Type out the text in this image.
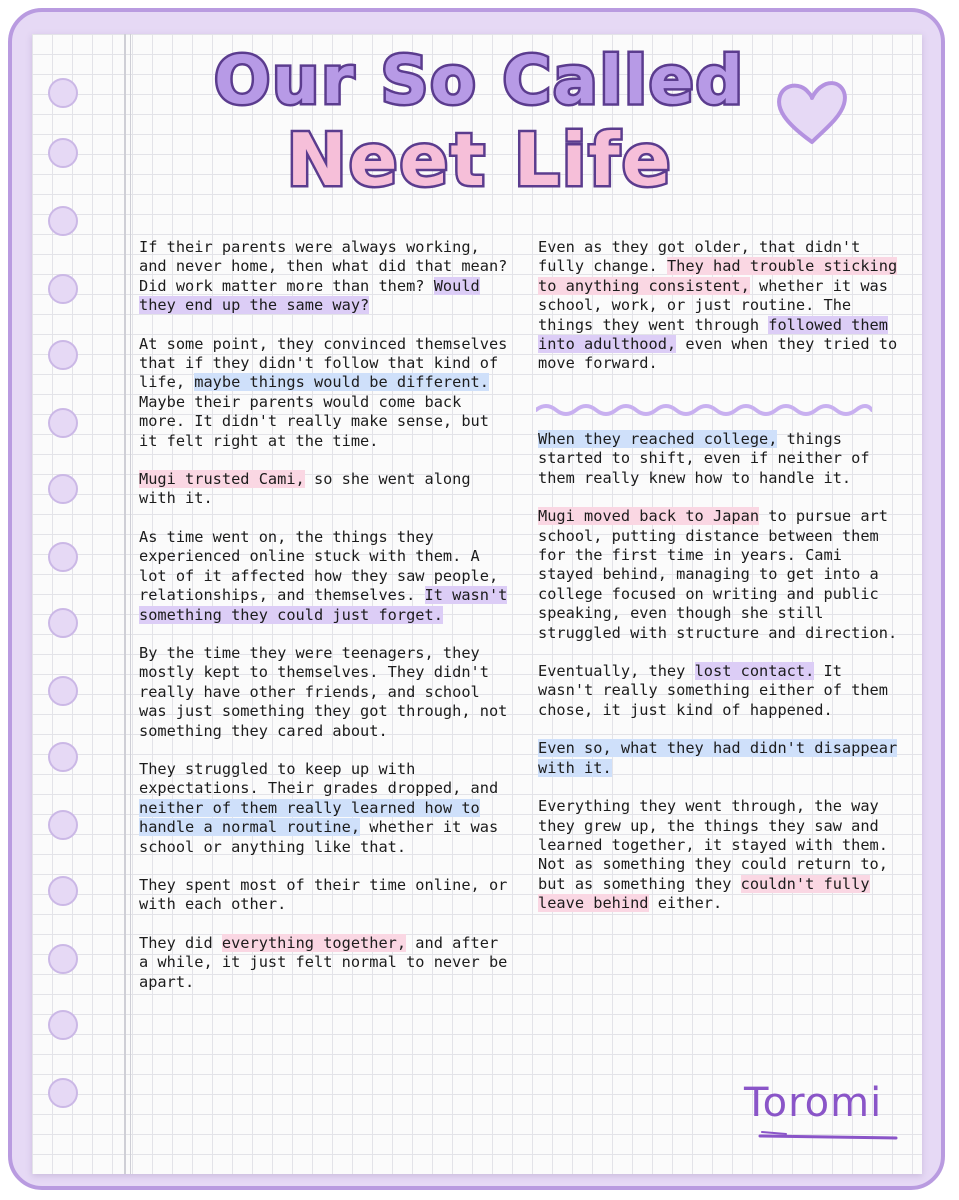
Our So Called
Neet Life

If their parents were always working, and never home, then what did that mean? Did work matter more than them? Would they end up the same way?

At some point, they convinced themselves that if they didn't follow that kind of life, maybe things would be different. Maybe their parents would come back more. It didn't really make sense, but it felt right at the time.

Mugi trusted Cami, so she went along with it.

As time went on, the things they experienced online stuck with them. A lot of it affected how they saw people, relationships, and themselves. It wasn't something they could just forget.

By the time they were teenagers, they mostly kept to themselves. They didn't really have other friends, and school was just something they got through, not something they cared about.

They struggled to keep up with expectations. Their grades dropped, and neither of them really learned how to handle a normal routine, whether it was school or anything like that.

They spent most of their time online, or with each other.

They did everything together, and after a while, it just felt normal to never be apart.

Even as they got older, that didn't fully change. They had trouble sticking to anything consistent, whether it was school, work, or just routine. The things they went through followed them into adulthood, even when they tried to move forward.

When they reached college, things started to shift, even if neither of them really knew how to handle it.

Mugi moved back to Japan to pursue art school, putting distance between them for the first time in years. Cami stayed behind, managing to get into a college focused on writing and public speaking, even though she still struggled with structure and direction.

Eventually, they lost contact. It wasn't really something either of them chose, it just kind of happened.

Even so, what they had didn't disappear with it.

Everything they went through, the way they grew up, the things they saw and learned together, it stayed with them. Not as something they could return to, but as something they couldn't fully leave behind either.

Toromi
